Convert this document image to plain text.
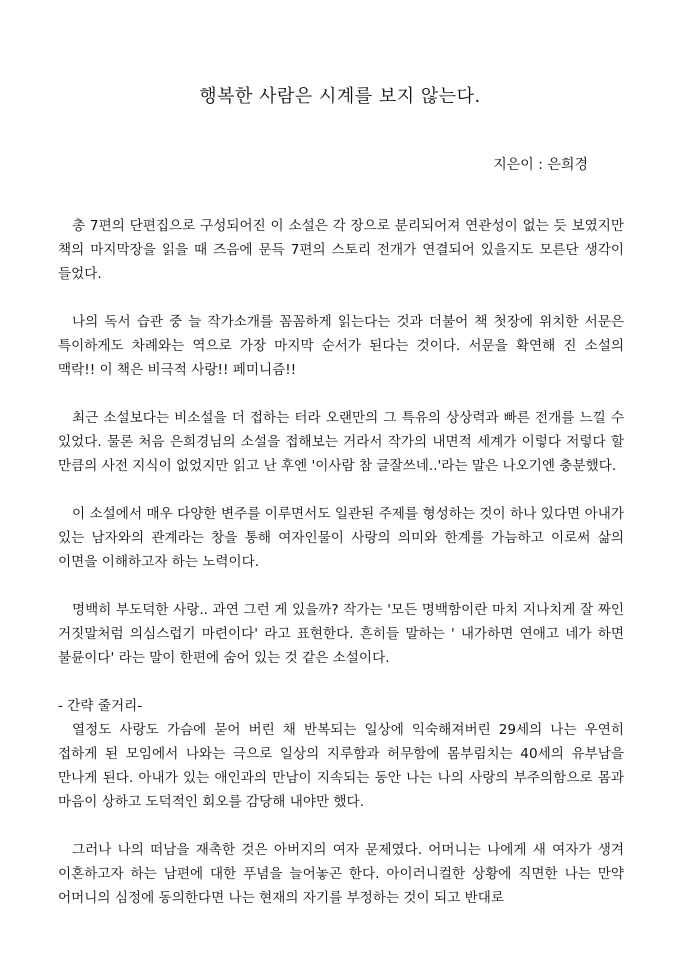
행복한 사람은 시계를 보지 않는다.

지은이 : 은희경

총 7편의 단편집으로 구성되어진 이 소설은 각 장으로 분리되어져 연관성이 없는 듯 보였지만 책의 마지막장을 읽을 때 즈음에 문득 7편의 스토리 전개가 연결되어 있을지도 모른단 생각이 들었다.

나의 독서 습관 중 늘 작가소개를 꼼꼼하게 읽는다는 것과 더불어 책 첫장에 위치한 서문은 특이하게도 차례와는 역으로 가장 마지막 순서가 된다는 것이다. 서문을 확연해 진 소설의 맥락!! 이 책은 비극적 사랑!! 페미니즘!!

최근 소설보다는 비소설을 더 접하는 터라 오랜만의 그 특유의 상상력과 빠른 전개를 느낄 수 있었다. 물론 처음 은희경님의 소설을 접해보는 거라서 작가의 내면적 세계가 이렇다 저렇다 할 만큼의 사전 지식이 없었지만 읽고 난 후엔 '이사람 참 글잘쓰네..'라는 말은 나오기엔 충분했다.

이 소설에서 매우 다양한 변주를 이루면서도 일관된 주제를 형성하는 것이 하나 있다면 아내가 있는 남자와의 관계라는 창을 통해 여자인물이 사랑의 의미와 한계를 가늠하고 이로써 삶의 이면을 이해하고자 하는 노력이다.

명백히 부도덕한 사랑.. 과연 그런 게 있을까? 작가는 '모든 명백함이란 마치 지나치게 잘 짜인 거짓말처럼 의심스럽기 마련이다' 라고 표현한다. 흔히들 말하는 ' 내가하면 연애고 네가 하면 불륜이다' 라는 말이 한편에 숨어 있는 것 같은 소설이다.

- 간략 줄거리-

열정도 사랑도 가슴에 묻어 버린 채 반복되는 일상에 익숙해져버린 29세의 나는 우연히 접하게 된 모임에서 나와는 극으로 일상의 지루함과 허무함에 몸부림치는 40세의 유부남을 만나게 된다. 아내가 있는 애인과의 만남이 지속되는 동안 나는 나의 사랑의 부주의함으로 몸과 마음이 상하고 도덕적인 회오를 감당해 내야만 했다.

그러나 나의 떠남을 재촉한 것은 아버지의 여자 문제였다. 어머니는 나에게 새 여자가 생겨 이혼하고자 하는 남편에 대한 푸념을 늘어놓곤 한다. 아이러니컬한 상황에 직면한 나는 만약 어머니의 심정에 동의한다면 나는 현재의 자기를 부정하는 것이 되고 반대로
